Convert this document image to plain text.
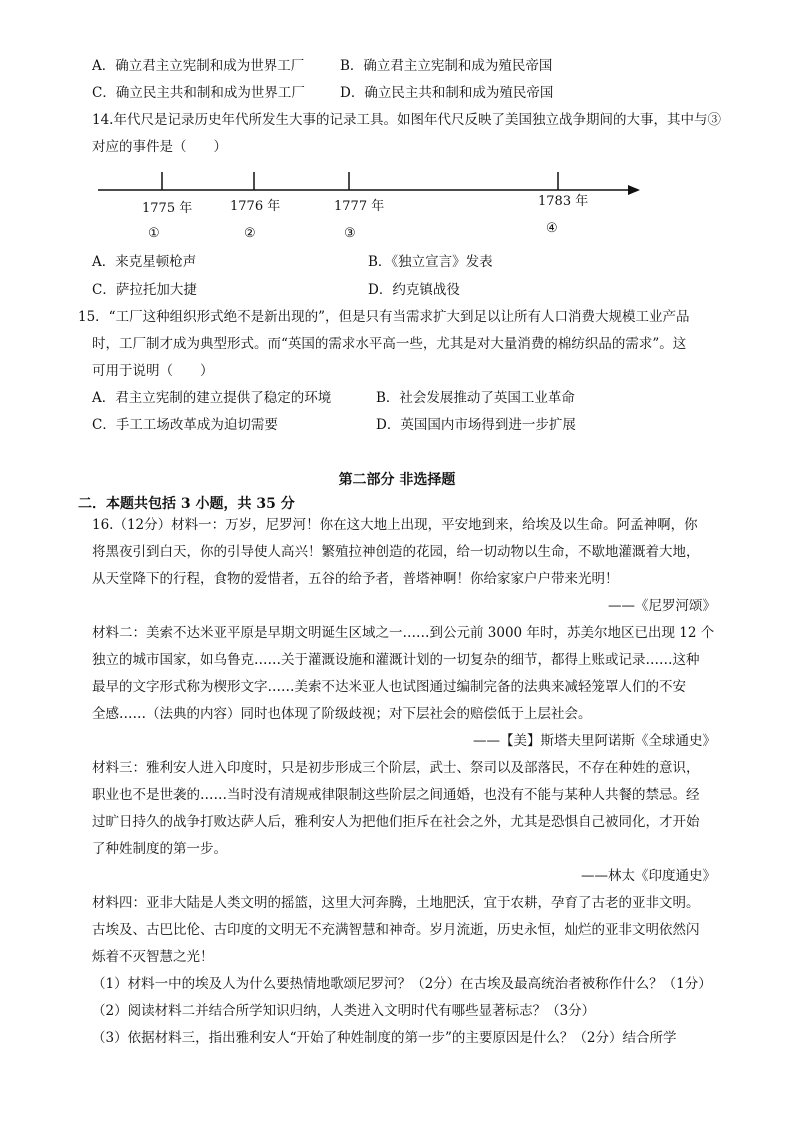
A．确立君主立宪制和成为世界工厂	B．确立君主立宪制和成为殖民帝国
C．确立民主共和制和成为世界工厂	D．确立民主共和制和成为殖民帝国
14.年代尺是记录历史年代所发生大事的记录工具。如图年代尺反映了美国独立战争期间的大事，其中与③
对应的事件是（　　）
1775 年	1776 年	1777 年	1783 年
①	②	③	④
A．来克星顿枪声	B．《独立宣言》发表
C．萨拉托加大捷	D．约克镇战役
15．“工厂这种组织形式绝不是新出现的”，但是只有当需求扩大到足以让所有人口消费大规模工业产品
时，工厂制才成为典型形式。而“英国的需求水平高一些，尤其是对大量消费的棉纺织品的需求”。这
可用于说明（　　）
A．君主立宪制的建立提供了稳定的环境	B．社会发展推动了英国工业革命
C．手工工场改革成为迫切需要	D．英国国内市场得到进一步扩展
第二部分 非选择题
二．本题共包括 3 小题，共 35 分
16.（12分）材料一：万岁，尼罗河！你在这大地上出现，平安地到来，给埃及以生命。阿孟神啊，你
将黑夜引到白天，你的引导使人高兴！繁殖拉神创造的花园，给一切动物以生命，不歇地灌溉着大地，
从天堂降下的行程，食物的爱惜者，五谷的给予者，普塔神啊！你给家家户户带来光明！
——《尼罗河颂》
材料二：美索不达米亚平原是早期文明诞生区域之一……到公元前 3000 年时，苏美尔地区已出现 12 个
独立的城市国家，如乌鲁克……关于灌溉设施和灌溉计划的一切复杂的细节，都得上账或记录……这种
最早的文字形式称为楔形文字……美索不达米亚人也试图通过编制完备的法典来减轻笼罩人们的不安
全感……（法典的内容）同时也体现了阶级歧视；对下层社会的赔偿低于上层社会。
——【美】斯塔夫里阿诺斯《全球通史》
材料三：雅利安人进入印度时，只是初步形成三个阶层，武士、祭司以及部落民，不存在种姓的意识，
职业也不是世袭的……当时没有清规戒律限制这些阶层之间通婚，也没有不能与某种人共餐的禁忌。经
过旷日持久的战争打败达萨人后，雅利安人为把他们拒斥在社会之外，尤其是恐惧自己被同化，才开始
了种姓制度的第一步。
——林太《印度通史》
材料四：亚非大陆是人类文明的摇篮，这里大河奔腾，土地肥沃，宜于农耕，孕育了古老的亚非文明。
古埃及、古巴比伦、古印度的文明无不充满智慧和神奇。岁月流逝，历史永恒，灿烂的亚非文明依然闪
烁着不灭智慧之光！
（1）材料一中的埃及人为什么要热情地歌颂尼罗河？（2分）在古埃及最高统治者被称作什么？（1分）
（2）阅读材料二并结合所学知识归纳，人类进入文明时代有哪些显著标志？（3分）
（3）依据材料三，指出雅利安人“开始了种姓制度的第一步”的主要原因是什么？（2分）结合所学
